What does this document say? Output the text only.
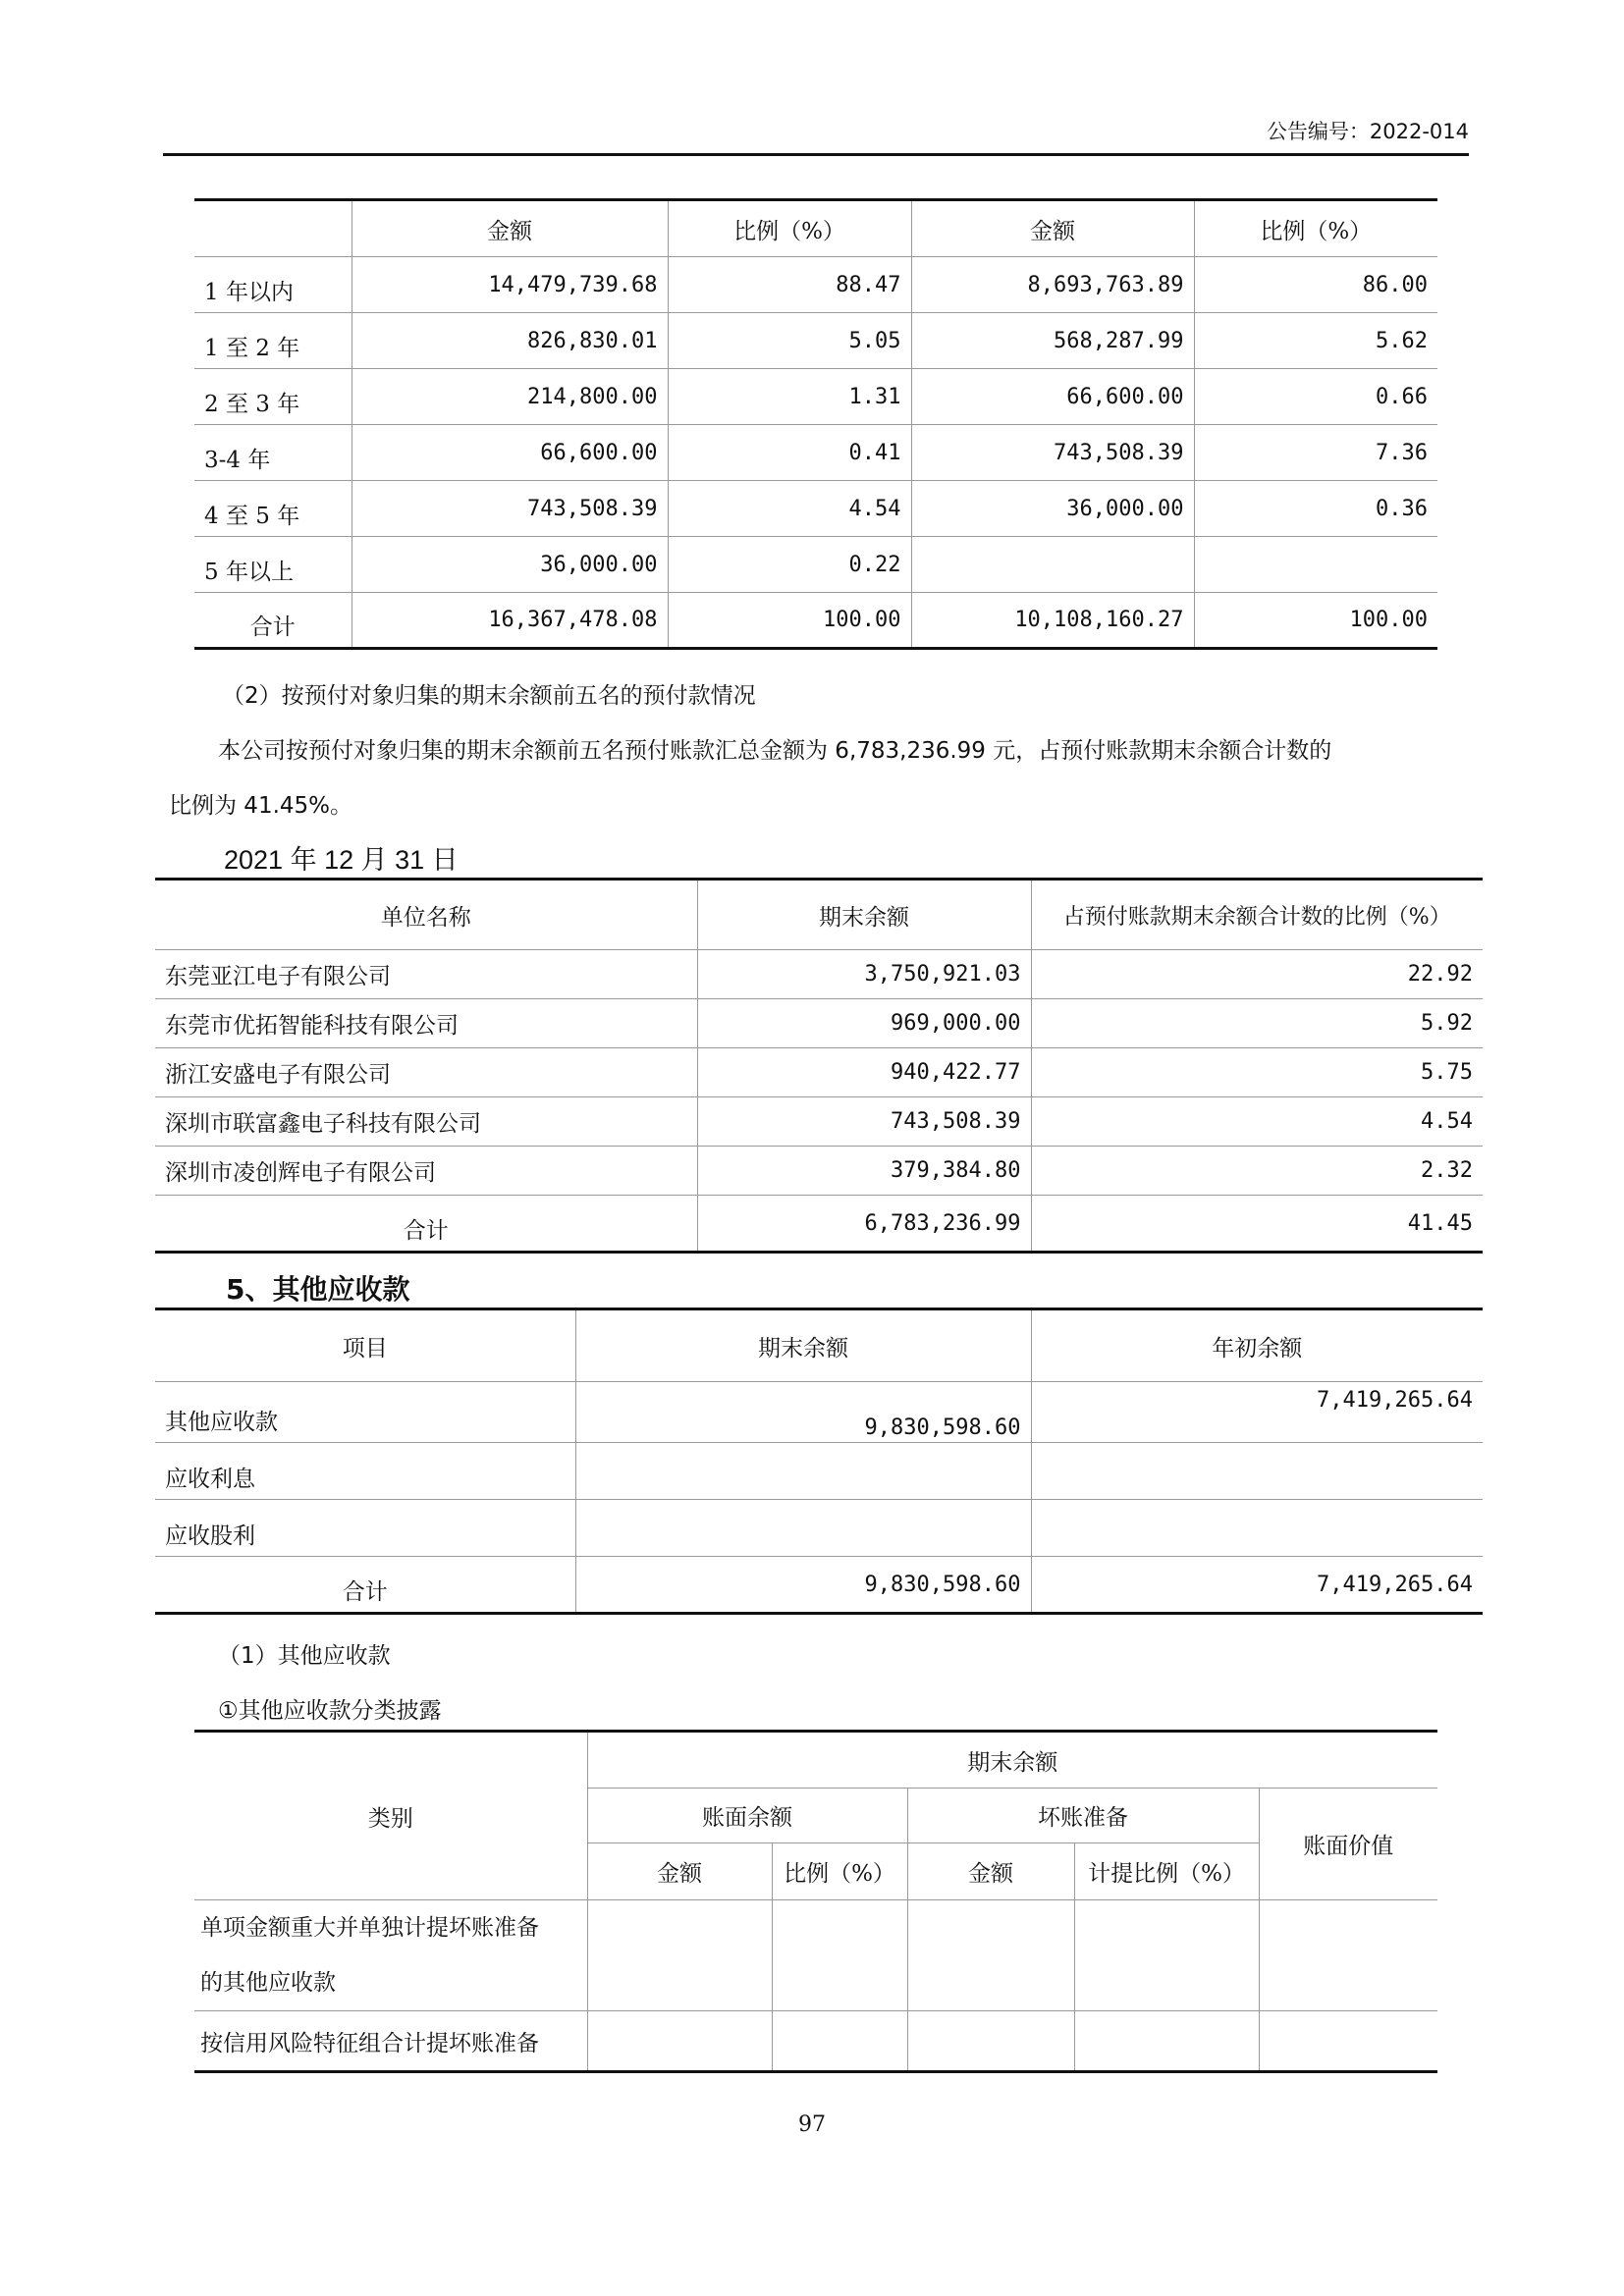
公告编号：2022-014
	金额	比例（%）	金额	比例（%）
1 年以内	14,479,739.68	88.47	8,693,763.89	86.00
1 至 2 年	826,830.01	5.05	568,287.99	5.62
2 至 3 年	214,800.00	1.31	66,600.00	0.66
3-4 年	66,600.00	0.41	743,508.39	7.36
4 至 5 年	743,508.39	4.54	36,000.00	0.36
5 年以上	36,000.00	0.22		
合计	16,367,478.08	100.00	10,108,160.27	100.00
（2）按预付对象归集的期末余额前五名的预付款情况
本公司按预付对象归集的期末余额前五名预付账款汇总金额为 6,783,236.99 元，占预付账款期末余额合计数的
比例为 41.45%。
2021 年 12 月 31 日
单位名称	期末余额	占预付账款期末余额合计数的比例（%）
东莞亚江电子有限公司	3,750,921.03	22.92
东莞市优拓智能科技有限公司	969,000.00	5.92
浙江安盛电子有限公司	940,422.77	5.75
深圳市联富鑫电子科技有限公司	743,508.39	4.54
深圳市凌创辉电子有限公司	379,384.80	2.32
合计	6,783,236.99	41.45
5、其他应收款
项目	期末余额	年初余额
其他应收款	9,830,598.60	7,419,265.64
应收利息		
应收股利		
合计	9,830,598.60	7,419,265.64
（1）其他应收款
①其他应收款分类披露
类别	期末余额				
	账面余额		坏账准备		账面价值
	金额	比例（%）	金额	计提比例（%）	

单项金额重大并单独计提坏账准备
的其他应收款					

按信用风险特征组合计提坏账准备					
97
